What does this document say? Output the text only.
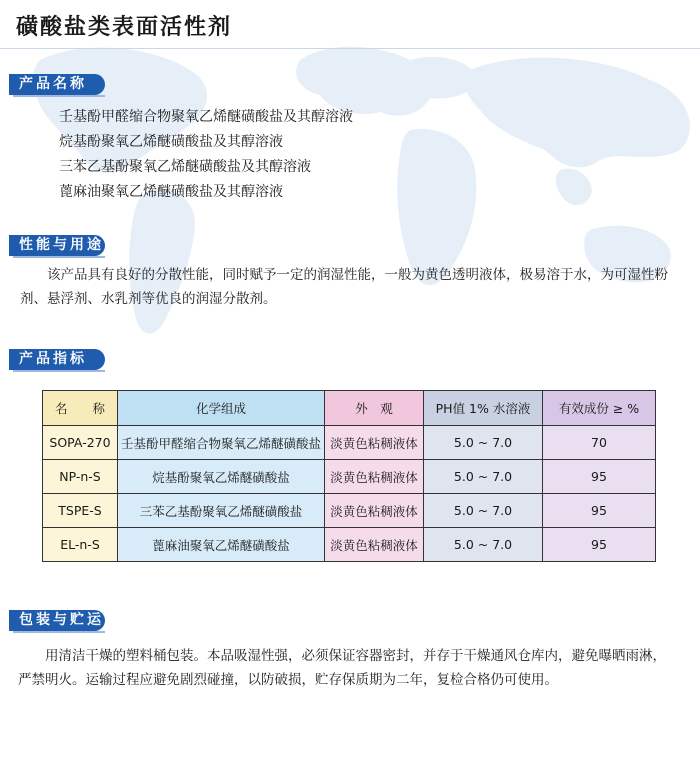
磺酸盐类表面活性剂
产品名称
壬基酚甲醛缩合物聚氧乙烯醚磺酸盐及其醇溶液
烷基酚聚氧乙烯醚磺酸盐及其醇溶液
三苯乙基酚聚氧乙烯醚磺酸盐及其醇溶液
蓖麻油聚氧乙烯醚磺酸盐及其醇溶液
性能与用途

该产品具有良好的分散性能，同时赋予一定的润湿性能，一般为黄色透明液体，极易溶于水，为可湿性粉剂、悬浮剂、水乳剂等优良的润湿分散剂。

产品指标
名　　称	化学组成	外　观	PH值 1% 水溶液	有效成份 ≥ %
SOPA-270	壬基酚甲醛缩合物聚氧乙烯醚磺酸盐	淡黄色粘稠液体	5.0 ~ 7.0	70
NP-n-S	烷基酚聚氧乙烯醚磺酸盐	淡黄色粘稠液体	5.0 ~ 7.0	95
TSPE-S	三苯乙基酚聚氧乙烯醚磺酸盐	淡黄色粘稠液体	5.0 ~ 7.0	95
EL-n-S	蓖麻油聚氧乙烯醚磺酸盐	淡黄色粘稠液体	5.0 ~ 7.0	95
包装与贮运

用清洁干燥的塑料桶包装。本品吸湿性强，必须保证容器密封，并存于干燥通风仓库内，避免曝晒雨淋，严禁明火。运输过程应避免剧烈碰撞，以防破损，贮存保质期为二年，复检合格仍可使用。
